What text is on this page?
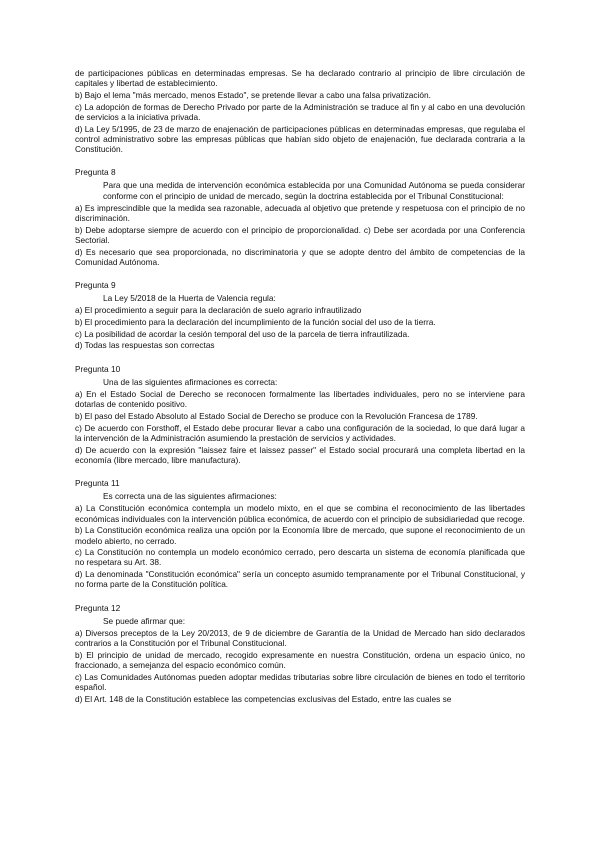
de participaciones públicas en determinadas empresas. Se ha declarado contrario al principio de libre circulación de capitales y libertad de establecimiento.

b) Bajo el lema "más mercado, menos Estado", se pretende llevar a cabo una falsa privatización.

c) La adopción de formas de Derecho Privado por parte de la Administración se traduce al fin y al cabo en una devolución de servicios a la iniciativa privada.

d) La Ley 5/1995, de 23 de marzo de enajenación de participaciones públicas en determinadas empresas, que regulaba el control administrativo sobre las empresas públicas que habían sido objeto de enajenación, fue declarada contraria a la Constitución.

Pregunta 8

Para que una medida de intervención económica establecida por una Comunidad Autónoma se pueda considerar conforme con el principio de unidad de mercado, según la doctrina establecida por el Tribunal Constitucional:

a) Es imprescindible que la medida sea razonable, adecuada al objetivo que pretende y respetuosa con el principio de no discriminación.

b) Debe adoptarse siempre de acuerdo con el principio de proporcionalidad. c) Debe ser acordada por una Conferencia Sectorial.

d) Es necesario que sea proporcionada, no discriminatoria y que se adopte dentro del ámbito de competencias de la Comunidad Autónoma.

Pregunta 9

La Ley 5/2018 de la Huerta de Valencia regula:

a) El procedimiento a seguir para la declaración de suelo agrario infrautilizado

b) El procedimiento para la declaración del incumplimiento de la función social del uso de la tierra.

c) La posibilidad de acordar la cesión temporal del uso de la parcela de tierra infrautilizada.

d) Todas las respuestas son correctas

Pregunta 10

Una de las siguientes afirmaciones es correcta:

a) En el Estado Social de Derecho se reconocen formalmente las libertades individuales, pero no se interviene para dotarlas de contenido positivo.

b) El paso del Estado Absoluto al Estado Social de Derecho se produce con la Revolución Francesa de 1789.

c) De acuerdo con Forsthoff, el Estado debe procurar llevar a cabo una configuración de la sociedad, lo que dará lugar a la intervención de la Administración asumiendo la prestación de servicios y actividades.

d) De acuerdo con la expresión "laissez faire et laissez passer" el Estado social procurará una completa libertad en la economía (libre mercado, libre manufactura).

Pregunta 11

Es correcta una de las siguientes afirmaciones:

a) La Constitución económica contempla un modelo mixto, en el que se combina el reconocimiento de las libertades económicas individuales con la intervención pública económica, de acuerdo con el principio de subsidiariedad que recoge.

b) La Constitución económica realiza una opción por la Economía libre de mercado, que supone el reconocimiento de un modelo abierto, no cerrado.

c) La Constitución no contempla un modelo económico cerrado, pero descarta un sistema de economía planificada que no respetara su Art. 38.

d) La denominada "Constitución económica" sería un concepto asumido tempranamente por el Tribunal Constitucional, y no forma parte de la Constitución política.

Pregunta 12

Se puede afirmar que:

a) Diversos preceptos de la Ley 20/2013, de 9 de diciembre de Garantía de la Unidad de Mercado han sido declarados contrarios a la Constitución por el Tribunal Constitucional.

b) El principio de unidad de mercado, recogido expresamente en nuestra Constitución, ordena un espacio único, no fraccionado, a semejanza del espacio económico común.

c) Las Comunidades Autónomas pueden adoptar medidas tributarias sobre libre circulación de bienes en todo el territorio español.

d) El Art. 148 de la Constitución establece las competencias exclusivas del Estado, entre las cuales se
